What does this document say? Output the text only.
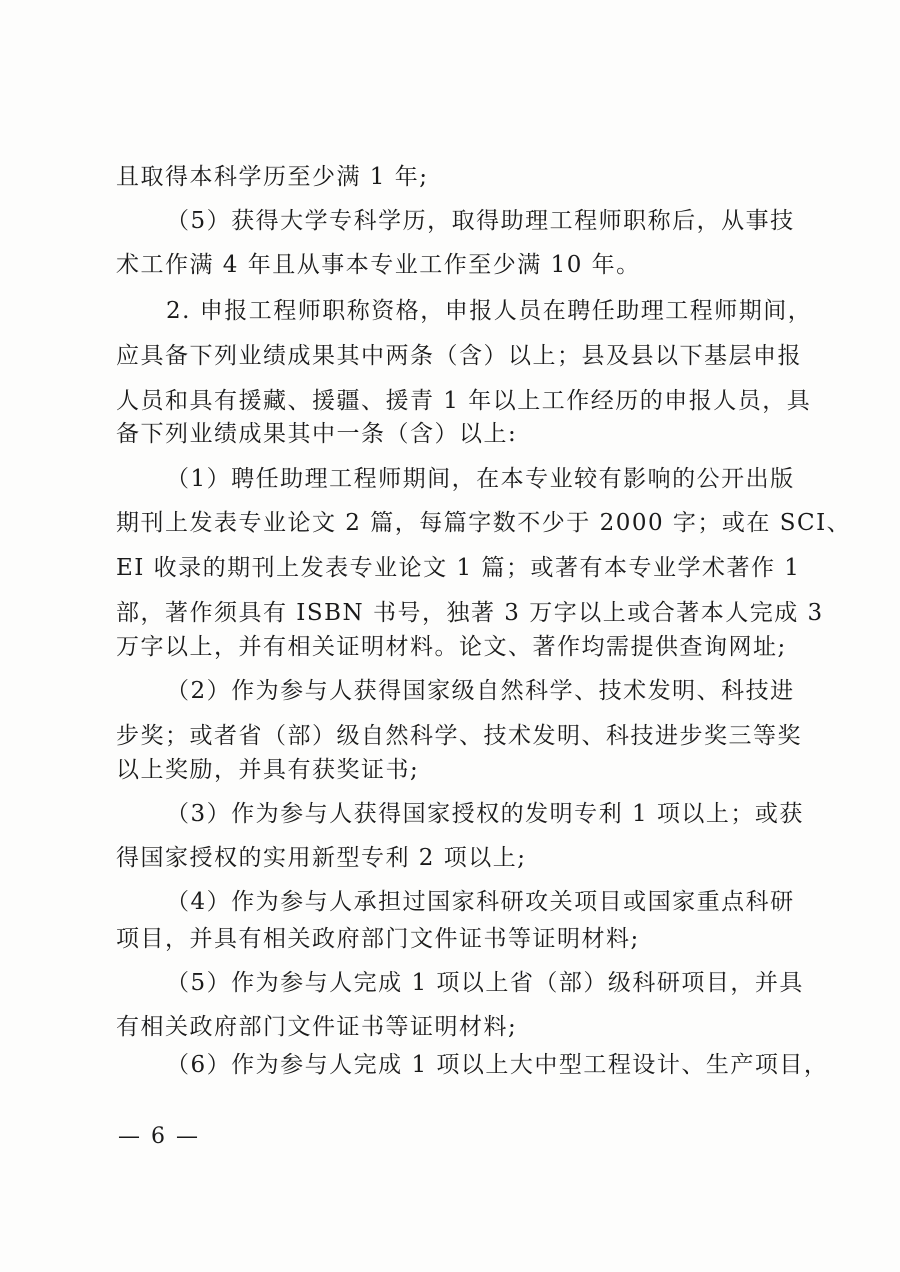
且取得本科学历至少满 1 年;
（5）获得大学专科学历，取得助理工程师职称后，从事技
术工作满 4 年且从事本专业工作至少满 10 年。
2. 申报工程师职称资格，申报人员在聘任助理工程师期间，
应具备下列业绩成果其中两条（含）以上；县及县以下基层申报
人员和具有援藏、援疆、援青 1 年以上工作经历的申报人员，具
备下列业绩成果其中一条（含）以上:
（1）聘任助理工程师期间，在本专业较有影响的公开出版
期刊上发表专业论文 2 篇，每篇字数不少于 2000 字；或在 SCI、
EI 收录的期刊上发表专业论文 1 篇；或著有本专业学术著作 1
部，著作须具有 ISBN 书号，独著 3 万字以上或合著本人完成 3
万字以上，并有相关证明材料。论文、著作均需提供查询网址;
（2）作为参与人获得国家级自然科学、技术发明、科技进
步奖；或者省（部）级自然科学、技术发明、科技进步奖三等奖
以上奖励，并具有获奖证书;
（3）作为参与人获得国家授权的发明专利 1 项以上；或获
得国家授权的实用新型专利 2 项以上;
（4）作为参与人承担过国家科研攻关项目或国家重点科研
项目，并具有相关政府部门文件证书等证明材料;
（5）作为参与人完成 1 项以上省（部）级科研项目，并具
有相关政府部门文件证书等证明材料;
（6）作为参与人完成 1 项以上大中型工程设计、生产项目，
— 6 —
